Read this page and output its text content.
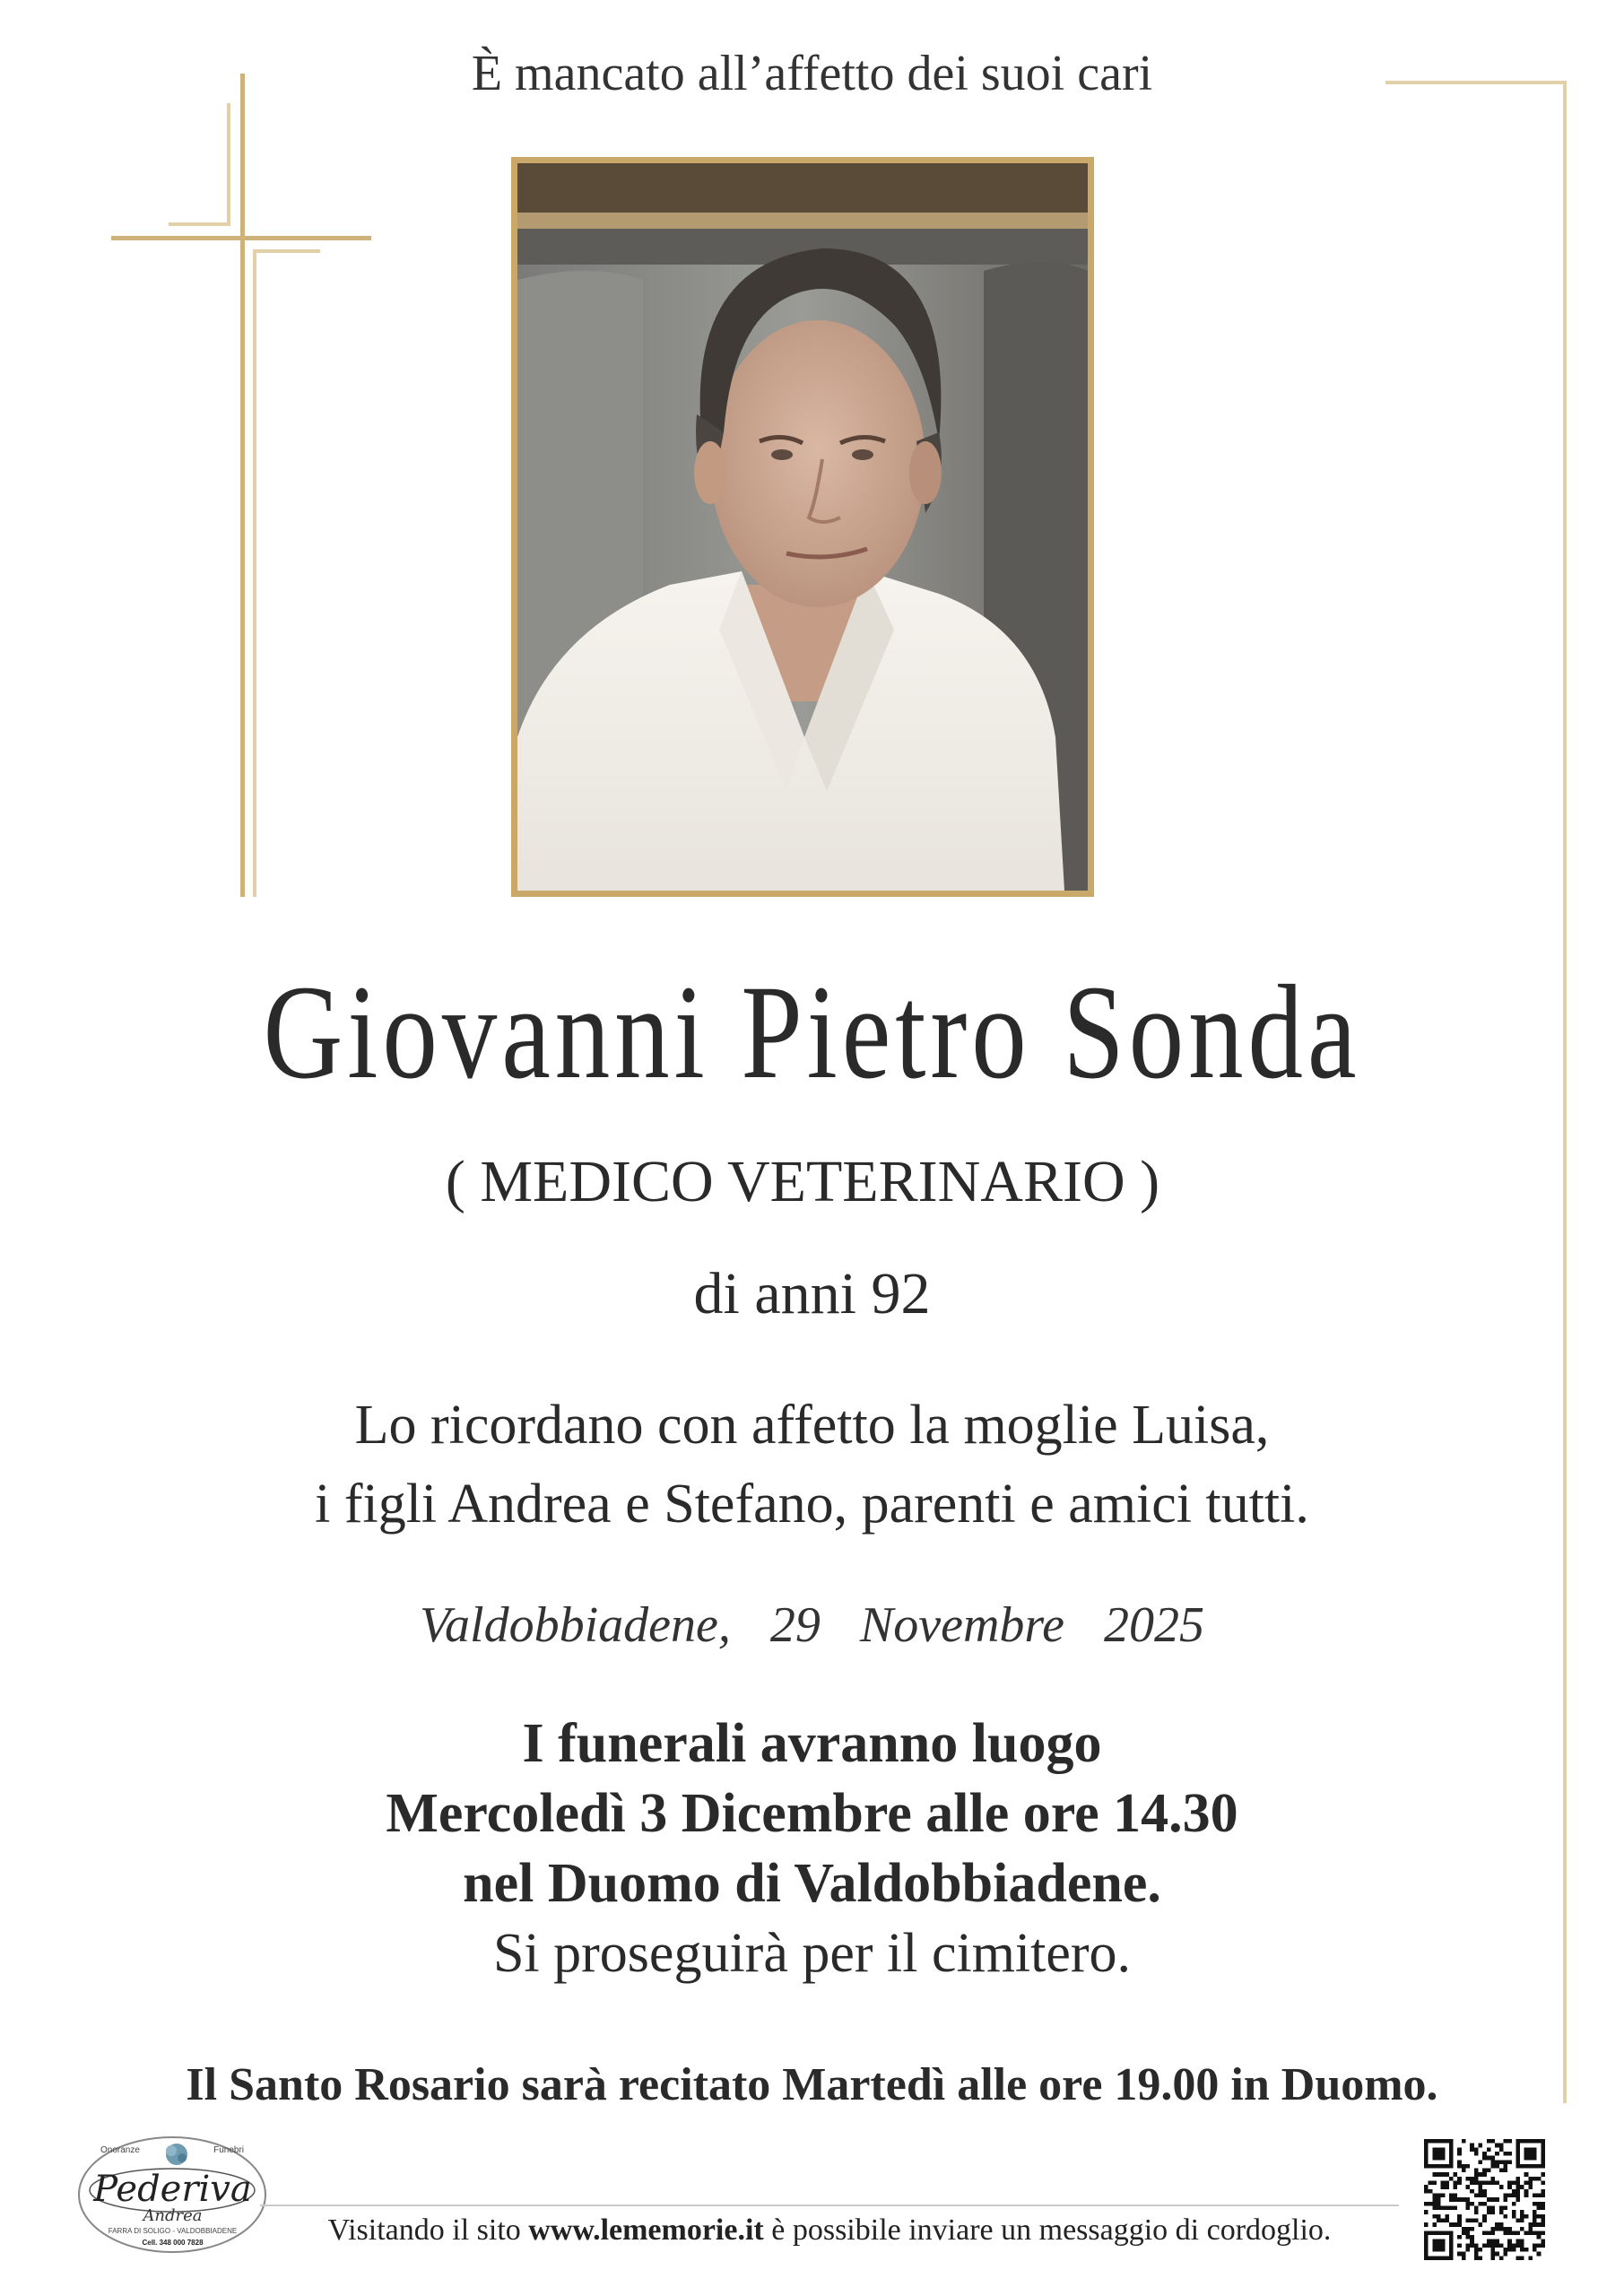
È mancato all’affetto dei suoi cari
Giovanni Pietro Sonda
( MEDICO VETERINARIO )
di anni 92
Lo ricordano con affetto la moglie Luisa,
i figli Andrea e Stefano, parenti e amici tutti.
Valdobbiadene,  29  Novembre  2025
I funerali avranno luogo
Mercoledì 3 Dicembre alle ore 14.30
nel Duomo di Valdobbiadene.
Si proseguirà per il cimitero.
Il Santo Rosario sarà recitato Martedì alle ore 19.00 in Duomo.
Onoranze	Funebri
Pederiva
Andrea
FARRA DI SOLIGO - VALDOBBIADENE
Cell. 348 000 7828	Visitando il sito www.lememorie.it è possibile inviare un messaggio di cordoglio.
